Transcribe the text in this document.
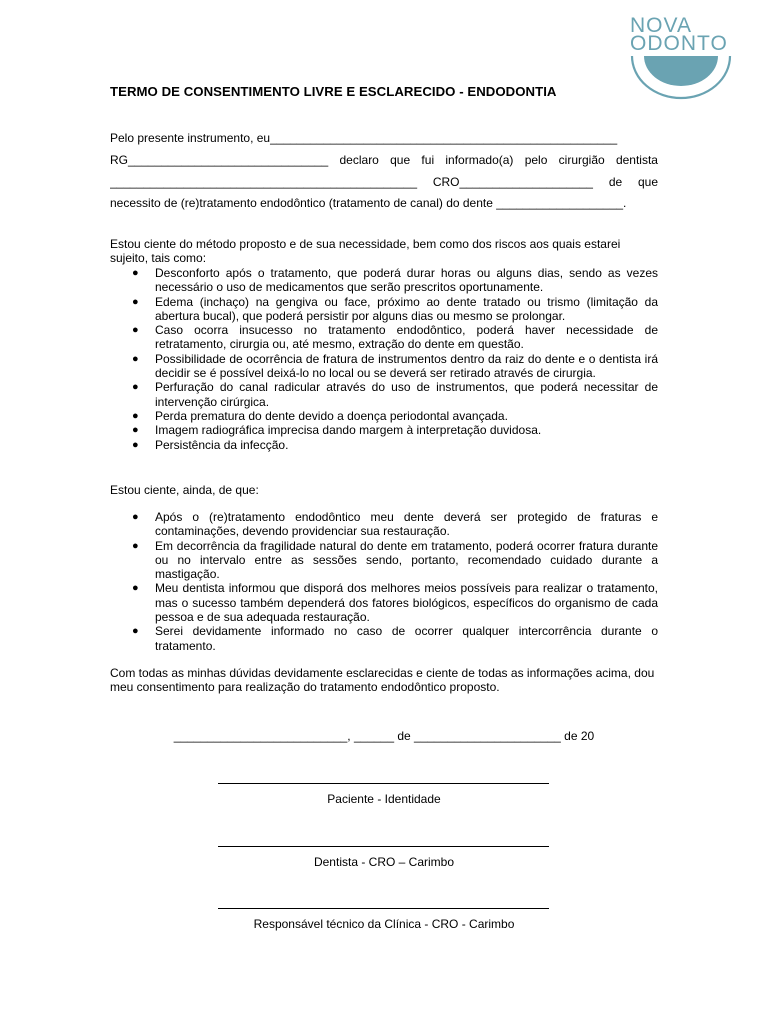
NOVA
ODONTO
TERMO DE CONSENTIMENTO LIVRE E ESCLARECIDO - ENDODONTIA
Pelo presente instrumento, eu____________________________________________________
RG______________________________ declaro que fui informado(a) pelo cirurgião dentista
______________________________________________ CRO____________________ de que
necessito de (re)tratamento endodôntico (tratamento de canal) do dente ___________________.
Estou ciente do método proposto e de sua necessidade, bem como dos riscos aos quais estarei sujeito, tais como:
● Desconforto após o tratamento, que poderá durar horas ou alguns dias, sendo as vezes necessário o uso de medicamentos que serão prescritos oportunamente.
● Edema (inchaço) na gengiva ou face, próximo ao dente tratado ou trismo (limitação da abertura bucal), que poderá persistir por alguns dias ou mesmo se prolongar.
● Caso ocorra insucesso no tratamento endodôntico, poderá haver necessidade de retratamento, cirurgia ou, até mesmo, extração do dente em questão.
● Possibilidade de ocorrência de fratura de instrumentos dentro da raiz do dente e o dentista irá decidir se é possível deixá-lo no local ou se deverá ser retirado através de cirurgia.
● Perfuração do canal radicular através do uso de instrumentos, que poderá necessitar de intervenção cirúrgica.
● Perda prematura do dente devido a doença periodontal avançada.
● Imagem radiográfica imprecisa dando margem à interpretação duvidosa.
● Persistência da infecção.
Estou ciente, ainda, de que:
● Após o (re)tratamento endodôntico meu dente deverá ser protegido de fraturas e contaminações, devendo providenciar sua restauração.
● Em decorrência da fragilidade natural do dente em tratamento, poderá ocorrer fratura durante ou no intervalo entre as sessões sendo, portanto, recomendado cuidado durante a mastigação.
● Meu dentista informou que disporá dos melhores meios possíveis para realizar o tratamento, mas o sucesso também dependerá dos fatores biológicos, específicos do organismo de cada pessoa e de sua adequada restauração.
● Serei devidamente informado no caso de ocorrer qualquer intercorrência durante o tratamento.
Com todas as minhas dúvidas devidamente esclarecidas e ciente de todas as informações acima, dou meu consentimento para realização do tratamento endodôntico proposto.
__________________________, ______ de ______________________ de 20
Paciente - Identidade
Dentista - CRO – Carimbo
Responsável técnico da Clínica - CRO - Carimbo
